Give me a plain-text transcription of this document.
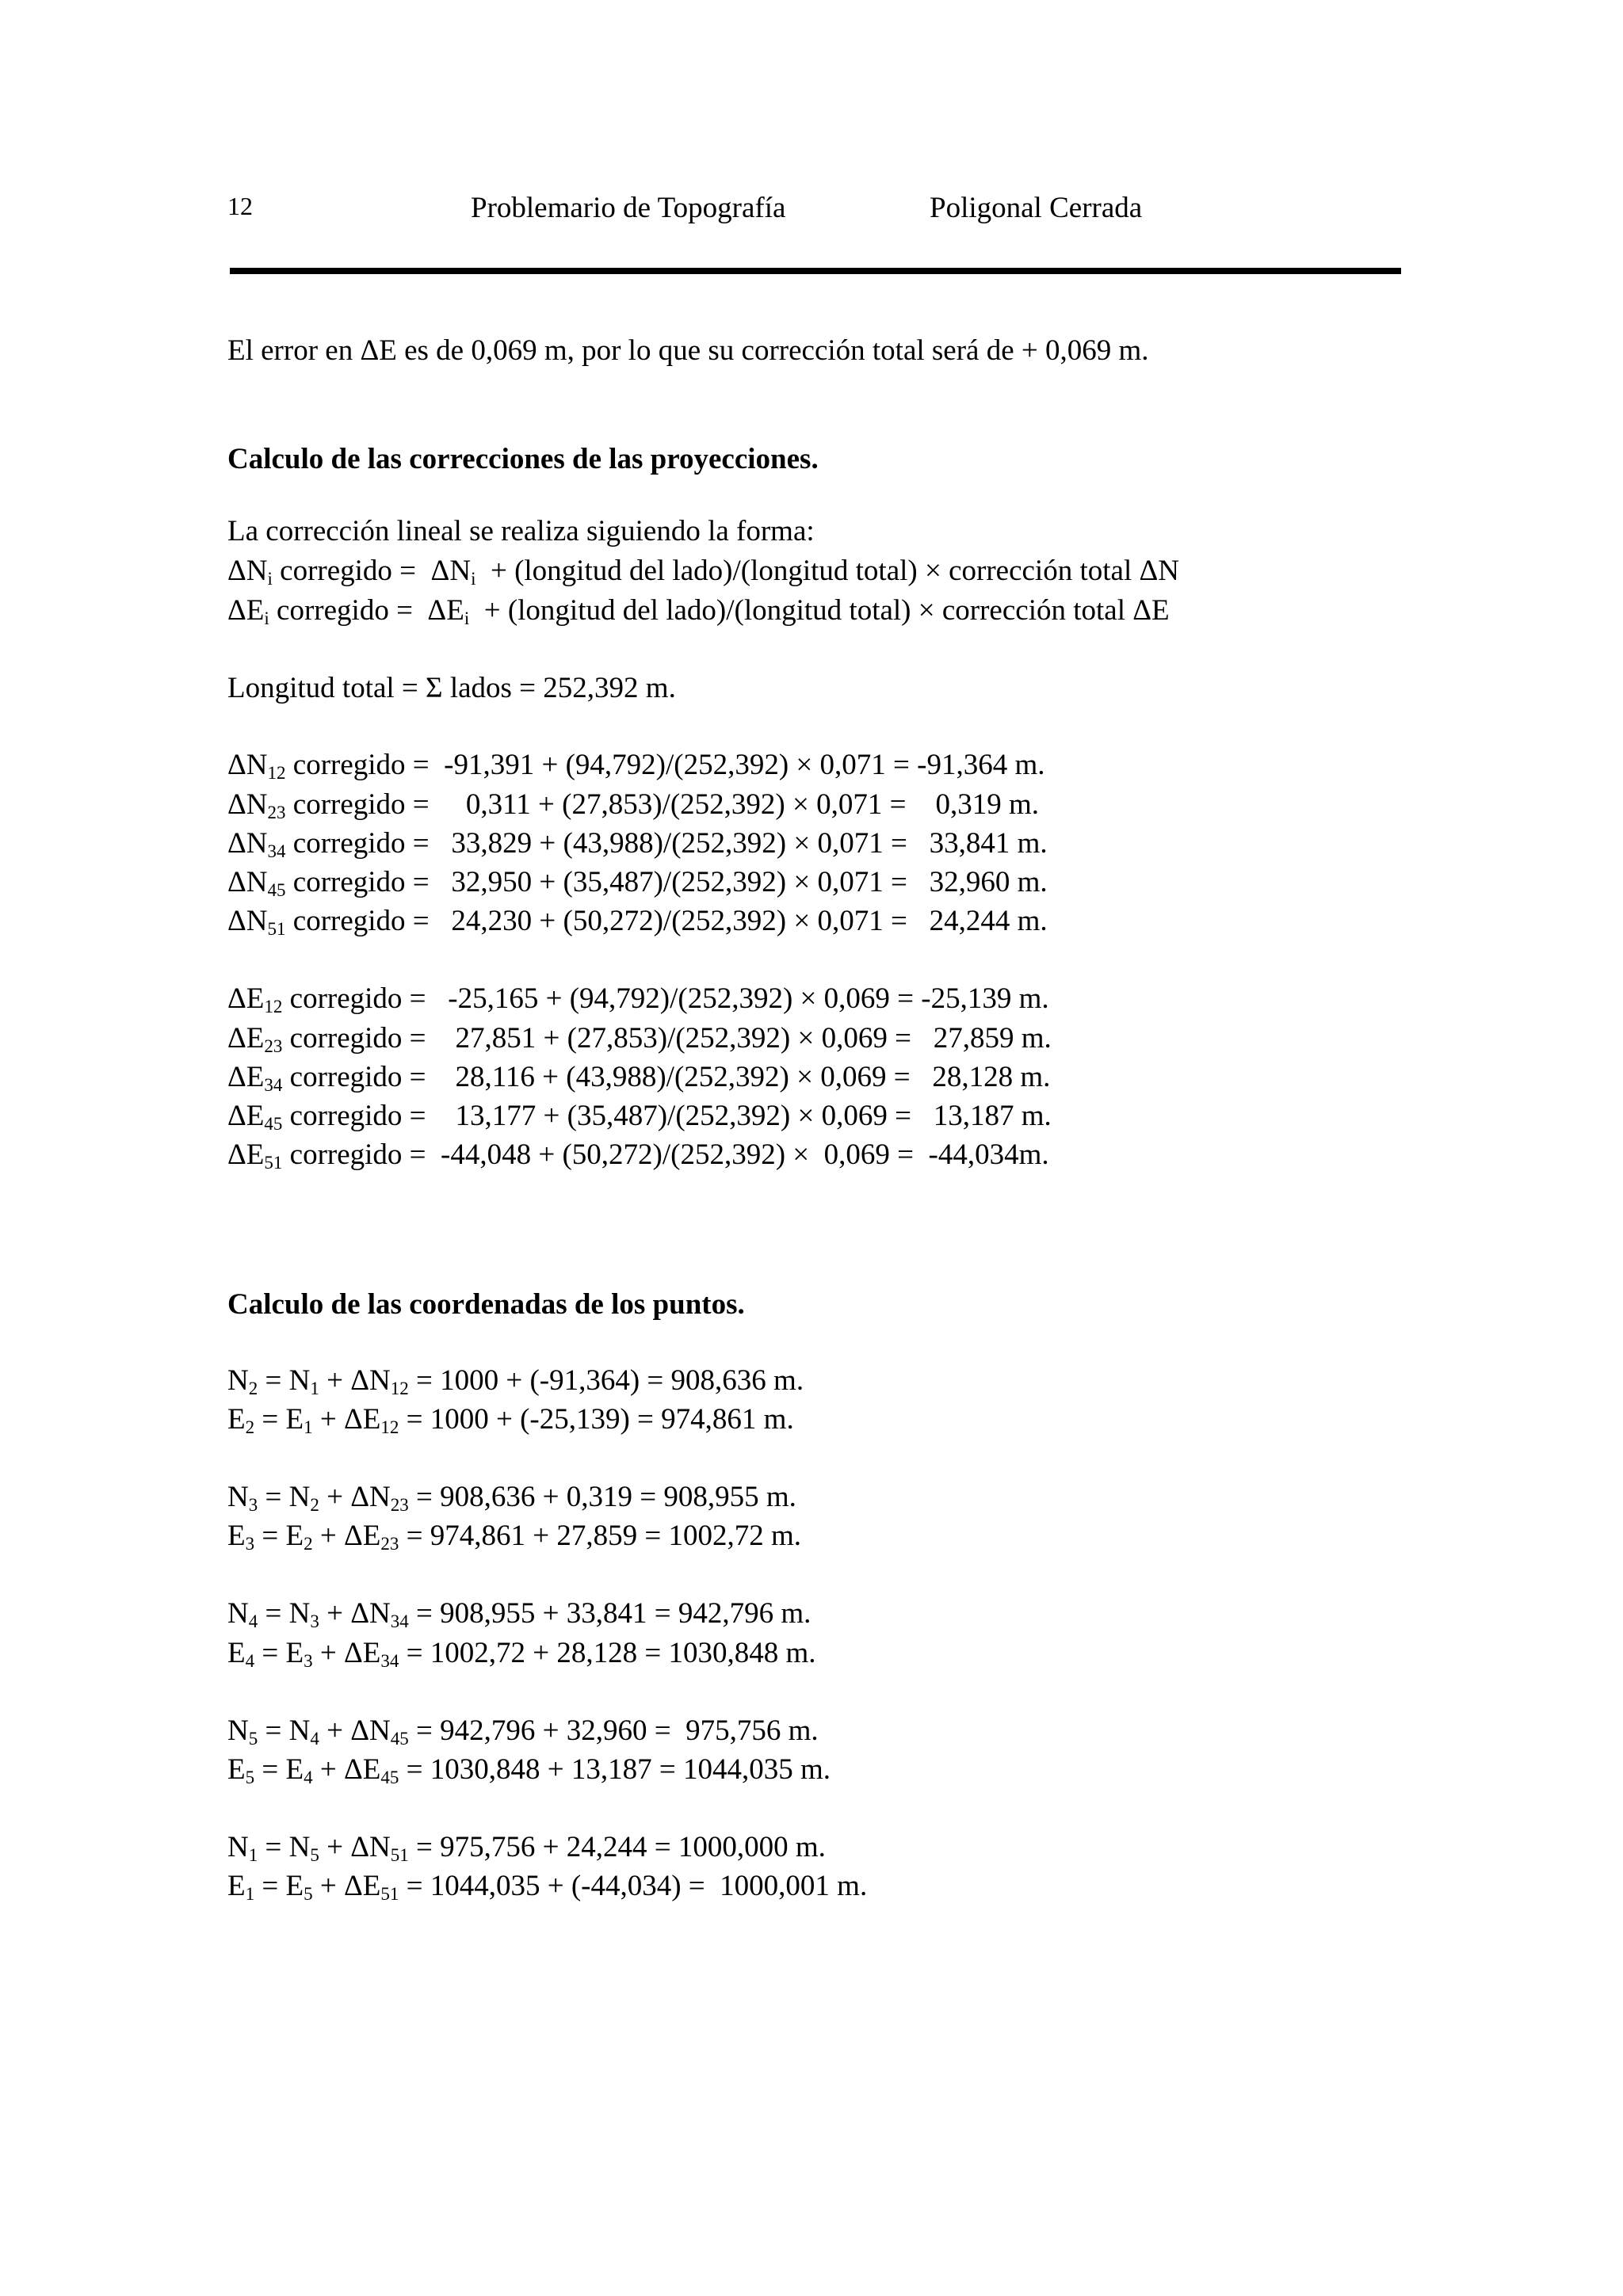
12	Problemario de Topografía	Poligonal Cerrada
El error en ΔE es de 0,069 m, por lo que su corrección total será de + 0,069 m.
Calculo de las correcciones de las proyecciones.
La corrección lineal se realiza siguiendo la forma:
$\Delta N_i$ corregido =  $\Delta N_i$  + (longitud del lado)/(longitud total) × corrección total ΔN
$\Delta E_i$ corregido =  $\Delta E_i$  + (longitud del lado)/(longitud total) × corrección total ΔE
Longitud total = Σ lados = 252,392 m.
$\Delta N_{12}$ corregido =  -91,391 + (94,792)/(252,392) × 0,071 = -91,364 m.
$\Delta N_{23}$ corregido =     0,311 + (27,853)/(252,392) × 0,071 =    0,319 m.
$\Delta N_{34}$ corregido =   33,829 + (43,988)/(252,392) × 0,071 =   33,841 m.
$\Delta N_{45}$ corregido =   32,950 + (35,487)/(252,392) × 0,071 =   32,960 m.
$\Delta N_{51}$ corregido =   24,230 + (50,272)/(252,392) × 0,071 =   24,244 m.
$\Delta E_{12}$ corregido =   -25,165 + (94,792)/(252,392) × 0,069 = -25,139 m.
$\Delta E_{23}$ corregido =    27,851 + (27,853)/(252,392) × 0,069 =   27,859 m.
$\Delta E_{34}$ corregido =    28,116 + (43,988)/(252,392) × 0,069 =   28,128 m.
$\Delta E_{45}$ corregido =    13,177 + (35,487)/(252,392) × 0,069 =   13,187 m.
$\Delta E_{51}$ corregido =  -44,048 + (50,272)/(252,392) ×  0,069 =  -44,034m.
Calculo de las coordenadas de los puntos.
$N_2 = N_1 + \Delta N_{12} = 1000 + (-91,364) = 908,636$ m.
$E_2 = E_1 + \Delta E_{12} = 1000 + (-25,139) = 974,861$ m.
$N_3 = N_2 + \Delta N_{23} = 908,636 + 0,319 = 908,955$ m.
$E_3 = E_2 + \Delta E_{23} = 974,861 + 27,859 = 1002,72$ m.
$N_4 = N_3 + \Delta N_{34} = 908,955 + 33,841 = 942,796$ m.
$E_4 = E_3 + \Delta E_{34} = 1002,72 + 28,128 = 1030,848$ m.
$N_5 = N_4 + \Delta N_{45} = 942,796 + 32,960 = 975,756$ m.
$E_5 = E_4 + \Delta E_{45} = 1030,848 + 13,187 = 1044,035$ m.
$N_1 = N_5 + \Delta N_{51} = 975,756 + 24,244 = 1000,000$ m.
$E_1 = E_5 + \Delta E_{51} = 1044,035 + (-44,034) = 1000,001$ m.
